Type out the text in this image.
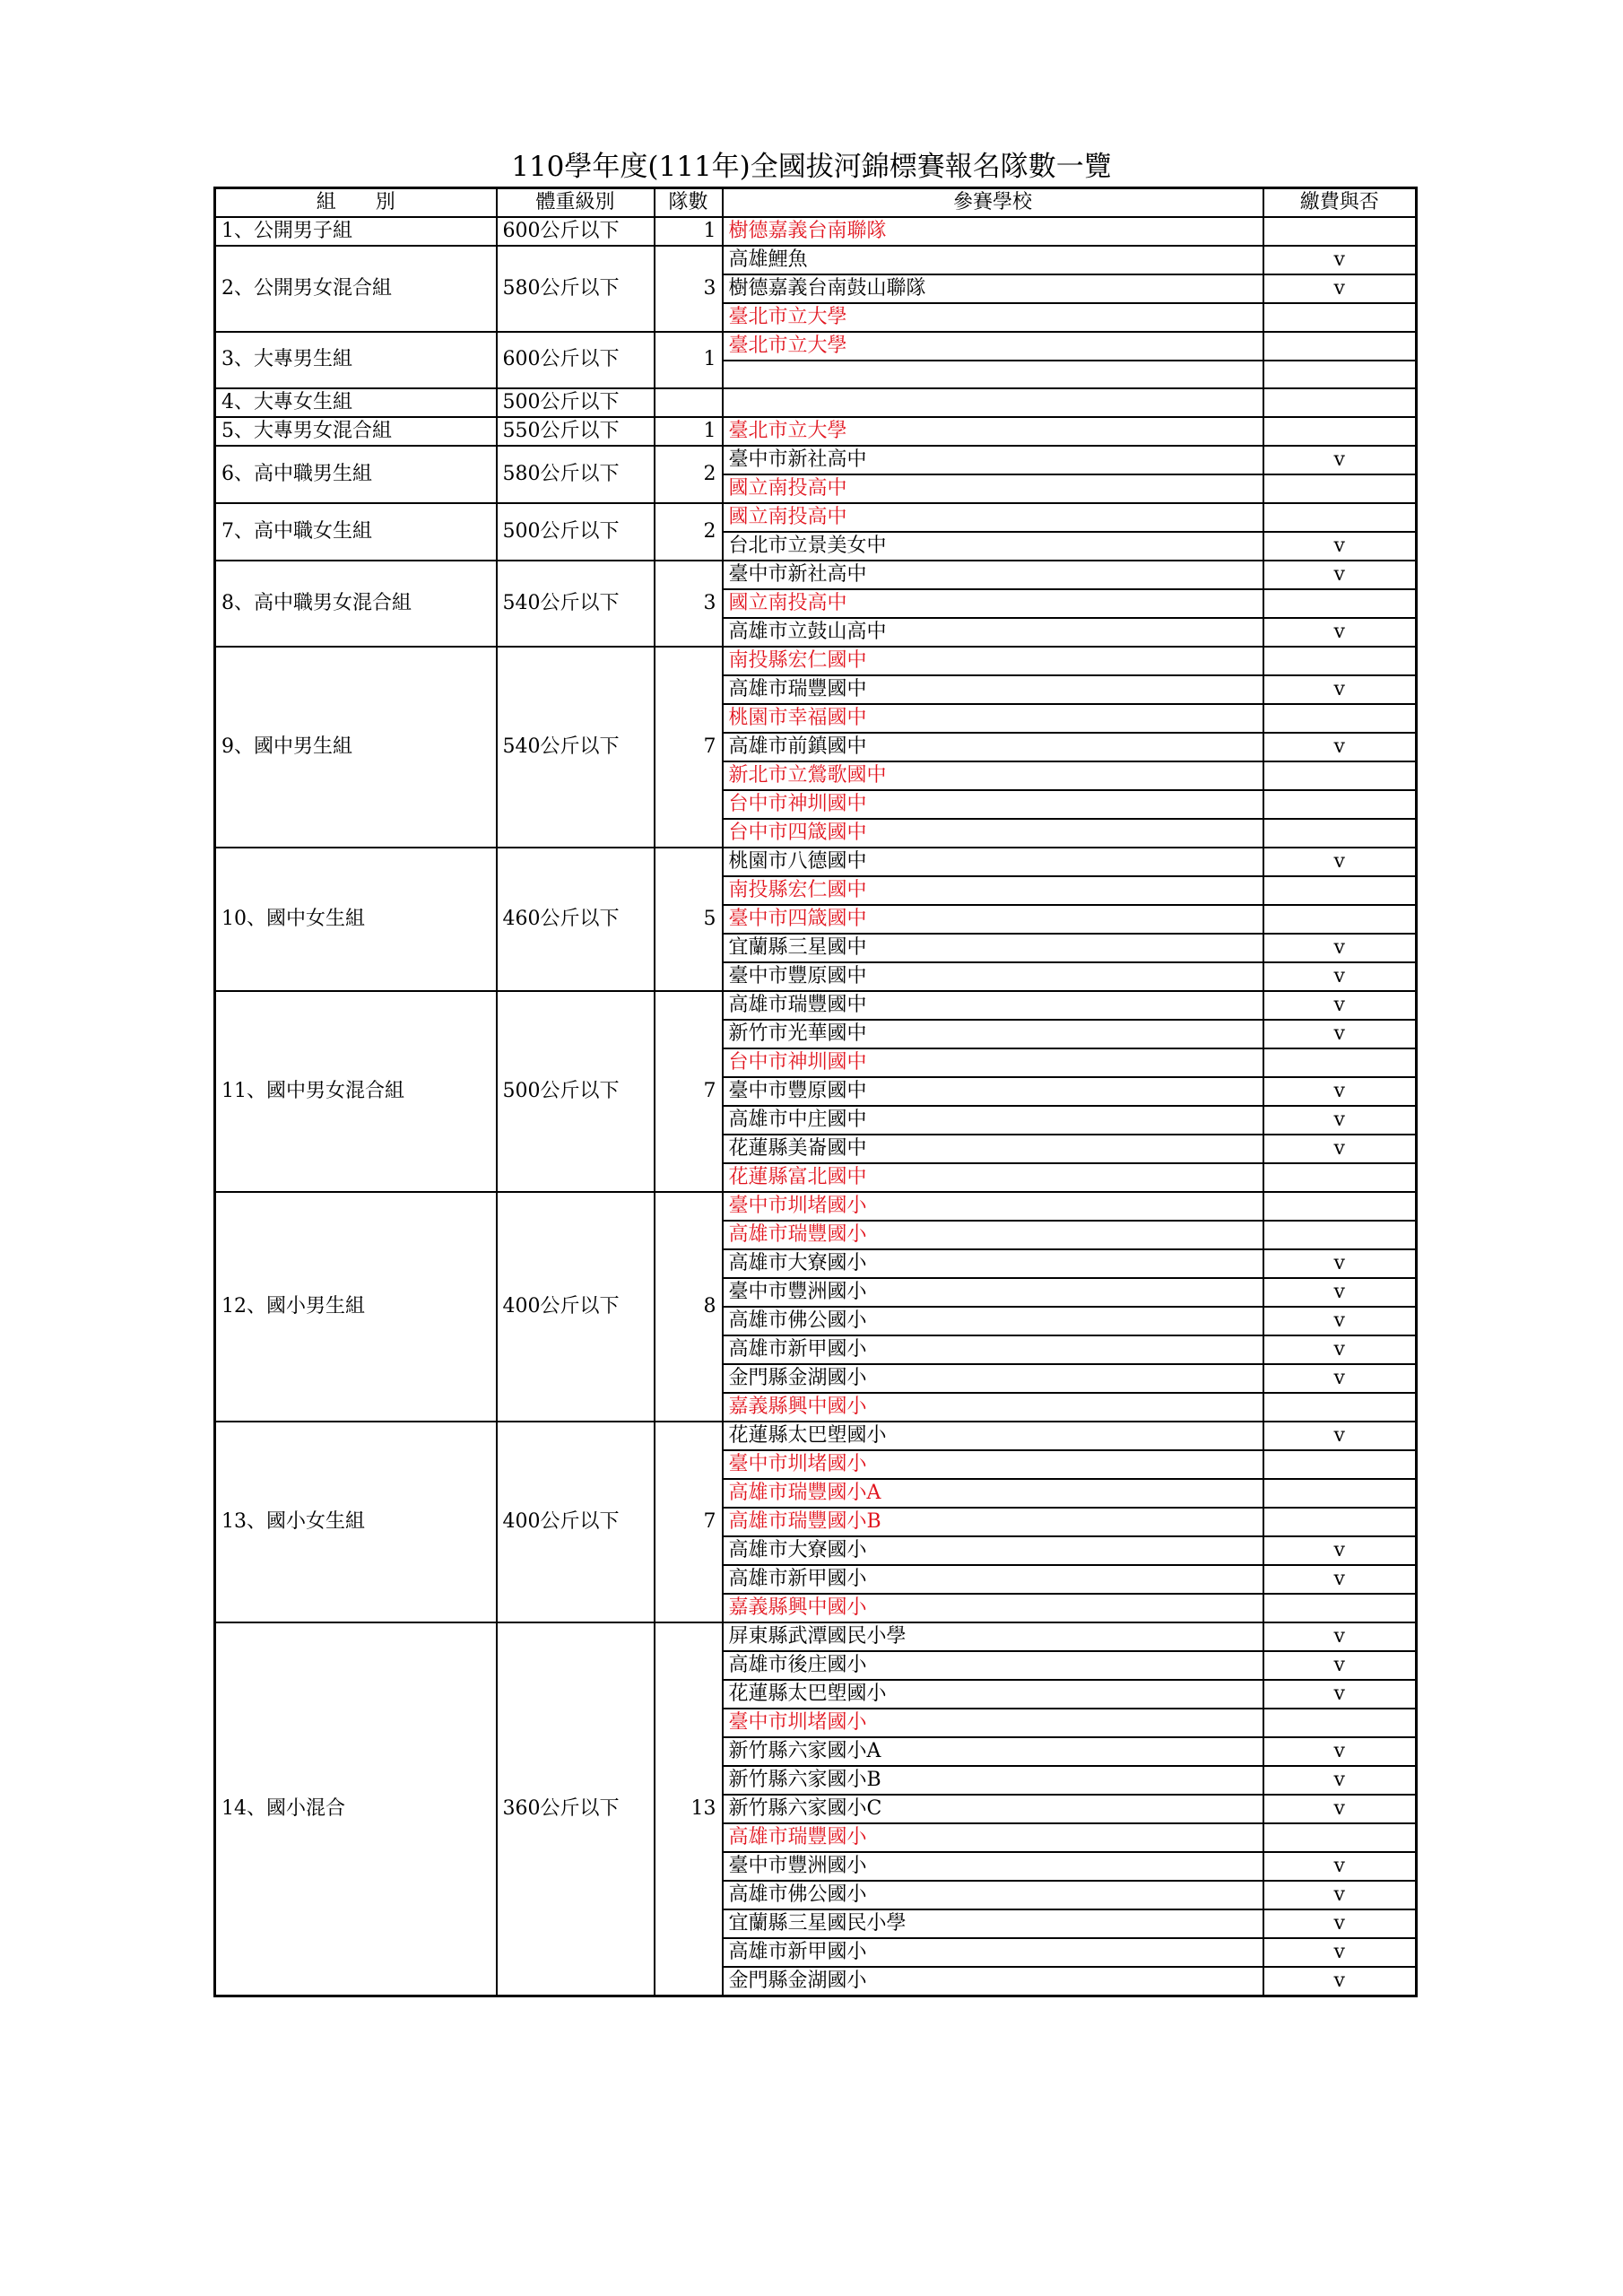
110學年度(111年)全國拔河錦標賽報名隊數一覽
組　　別	體重級別	隊數	參賽學校	繳費與否
1、公開男子組	600公斤以下	1	樹德嘉義台南聯隊	
2、公開男女混合組	580公斤以下	3	高雄鯉魚	v
			樹德嘉義台南鼓山聯隊	v
			臺北市立大學	
3、大專男生組	600公斤以下	1	臺北市立大學	

4、大專女生組	500公斤以下			
5、大專男女混合組	550公斤以下	1	臺北市立大學	
6、高中職男生組	580公斤以下	2	臺中市新社高中	v
			國立南投高中	
7、高中職女生組	500公斤以下	2	國立南投高中	
			台北市立景美女中	v
8、高中職男女混合組	540公斤以下	3	臺中市新社高中	v
			國立南投高中	
			高雄市立鼓山高中	v
9、國中男生組	540公斤以下	7	南投縣宏仁國中	
			高雄市瑞豐國中	v
			桃園市幸福國中	
			高雄市前鎮國中	v
			新北市立鶯歌國中	
			台中市神圳國中	
			台中市四箴國中	
10、國中女生組	460公斤以下	5	桃園市八德國中	v
			南投縣宏仁國中	
			臺中市四箴國中	
			宜蘭縣三星國中	v
			臺中市豐原國中	v
11、國中男女混合組	500公斤以下	7	高雄市瑞豐國中	v
			新竹市光華國中	v
			台中市神圳國中	
			臺中市豐原國中	v
			高雄市中庄國中	v
			花蓮縣美崙國中	v
			花蓮縣富北國中	
12、國小男生組	400公斤以下	8	臺中市圳堵國小	
			高雄市瑞豐國小	
			高雄市大寮國小	v
			臺中市豐洲國小	v
			高雄市佛公國小	v
			高雄市新甲國小	v
			金門縣金湖國小	v
			嘉義縣興中國小	
13、國小女生組	400公斤以下	7	花蓮縣太巴塱國小	v
			臺中市圳堵國小	
			高雄市瑞豐國小A	
			高雄市瑞豐國小B	
			高雄市大寮國小	v
			高雄市新甲國小	v
			嘉義縣興中國小	
14、國小混合	360公斤以下	13	屏東縣武潭國民小學	v
			高雄市後庄國小	v
			花蓮縣太巴塱國小	v
			臺中市圳堵國小	
			新竹縣六家國小A	v
			新竹縣六家國小B	v
			新竹縣六家國小C	v
			高雄市瑞豐國小	
			臺中市豐洲國小	v
			高雄市佛公國小	v
			宜蘭縣三星國民小學	v
			高雄市新甲國小	v
			金門縣金湖國小	v
